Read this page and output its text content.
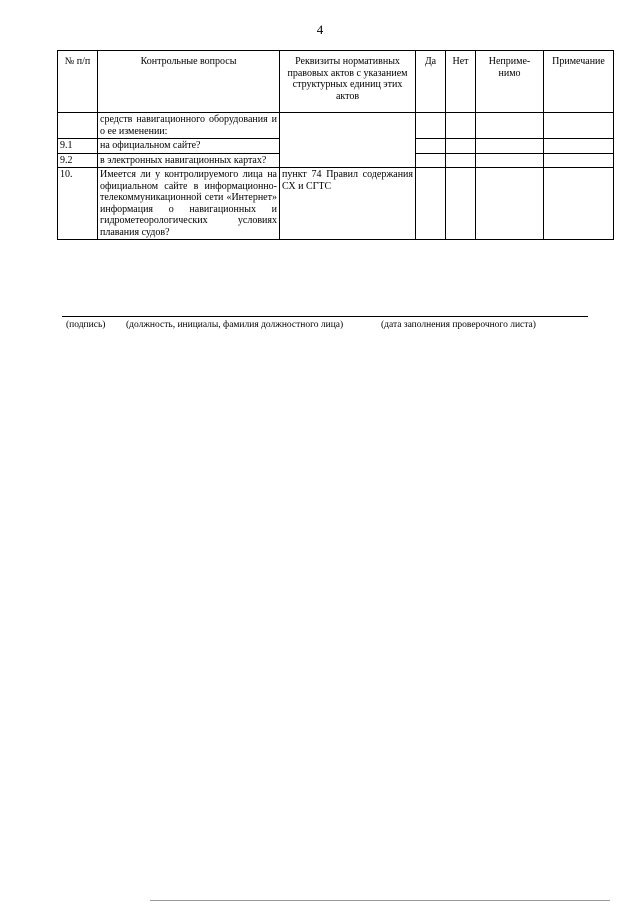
4
№ п/п	Контрольные вопросы	Реквизиты нормативных правовых актов с указанием структурных единиц этих актов	Да	Нет	Неприме-нимо	Примечание
	средств навигационного оборудования и о ее изменении:					
9.1	на официальном сайте?					
9.2	в электронных навигационных картах?					
10.	Имеется ли у контролируемого лица на официальном сайте в информационно-телекоммуникационной сети «Интернет» информация о навигационных и гидрометеорологических условиях плавания судов?	пункт 74 Правил содержания СХ и СГТС				
(подпись) (должность, инициалы, фамилия должностного лица)	(дата заполнения проверочного листа)
